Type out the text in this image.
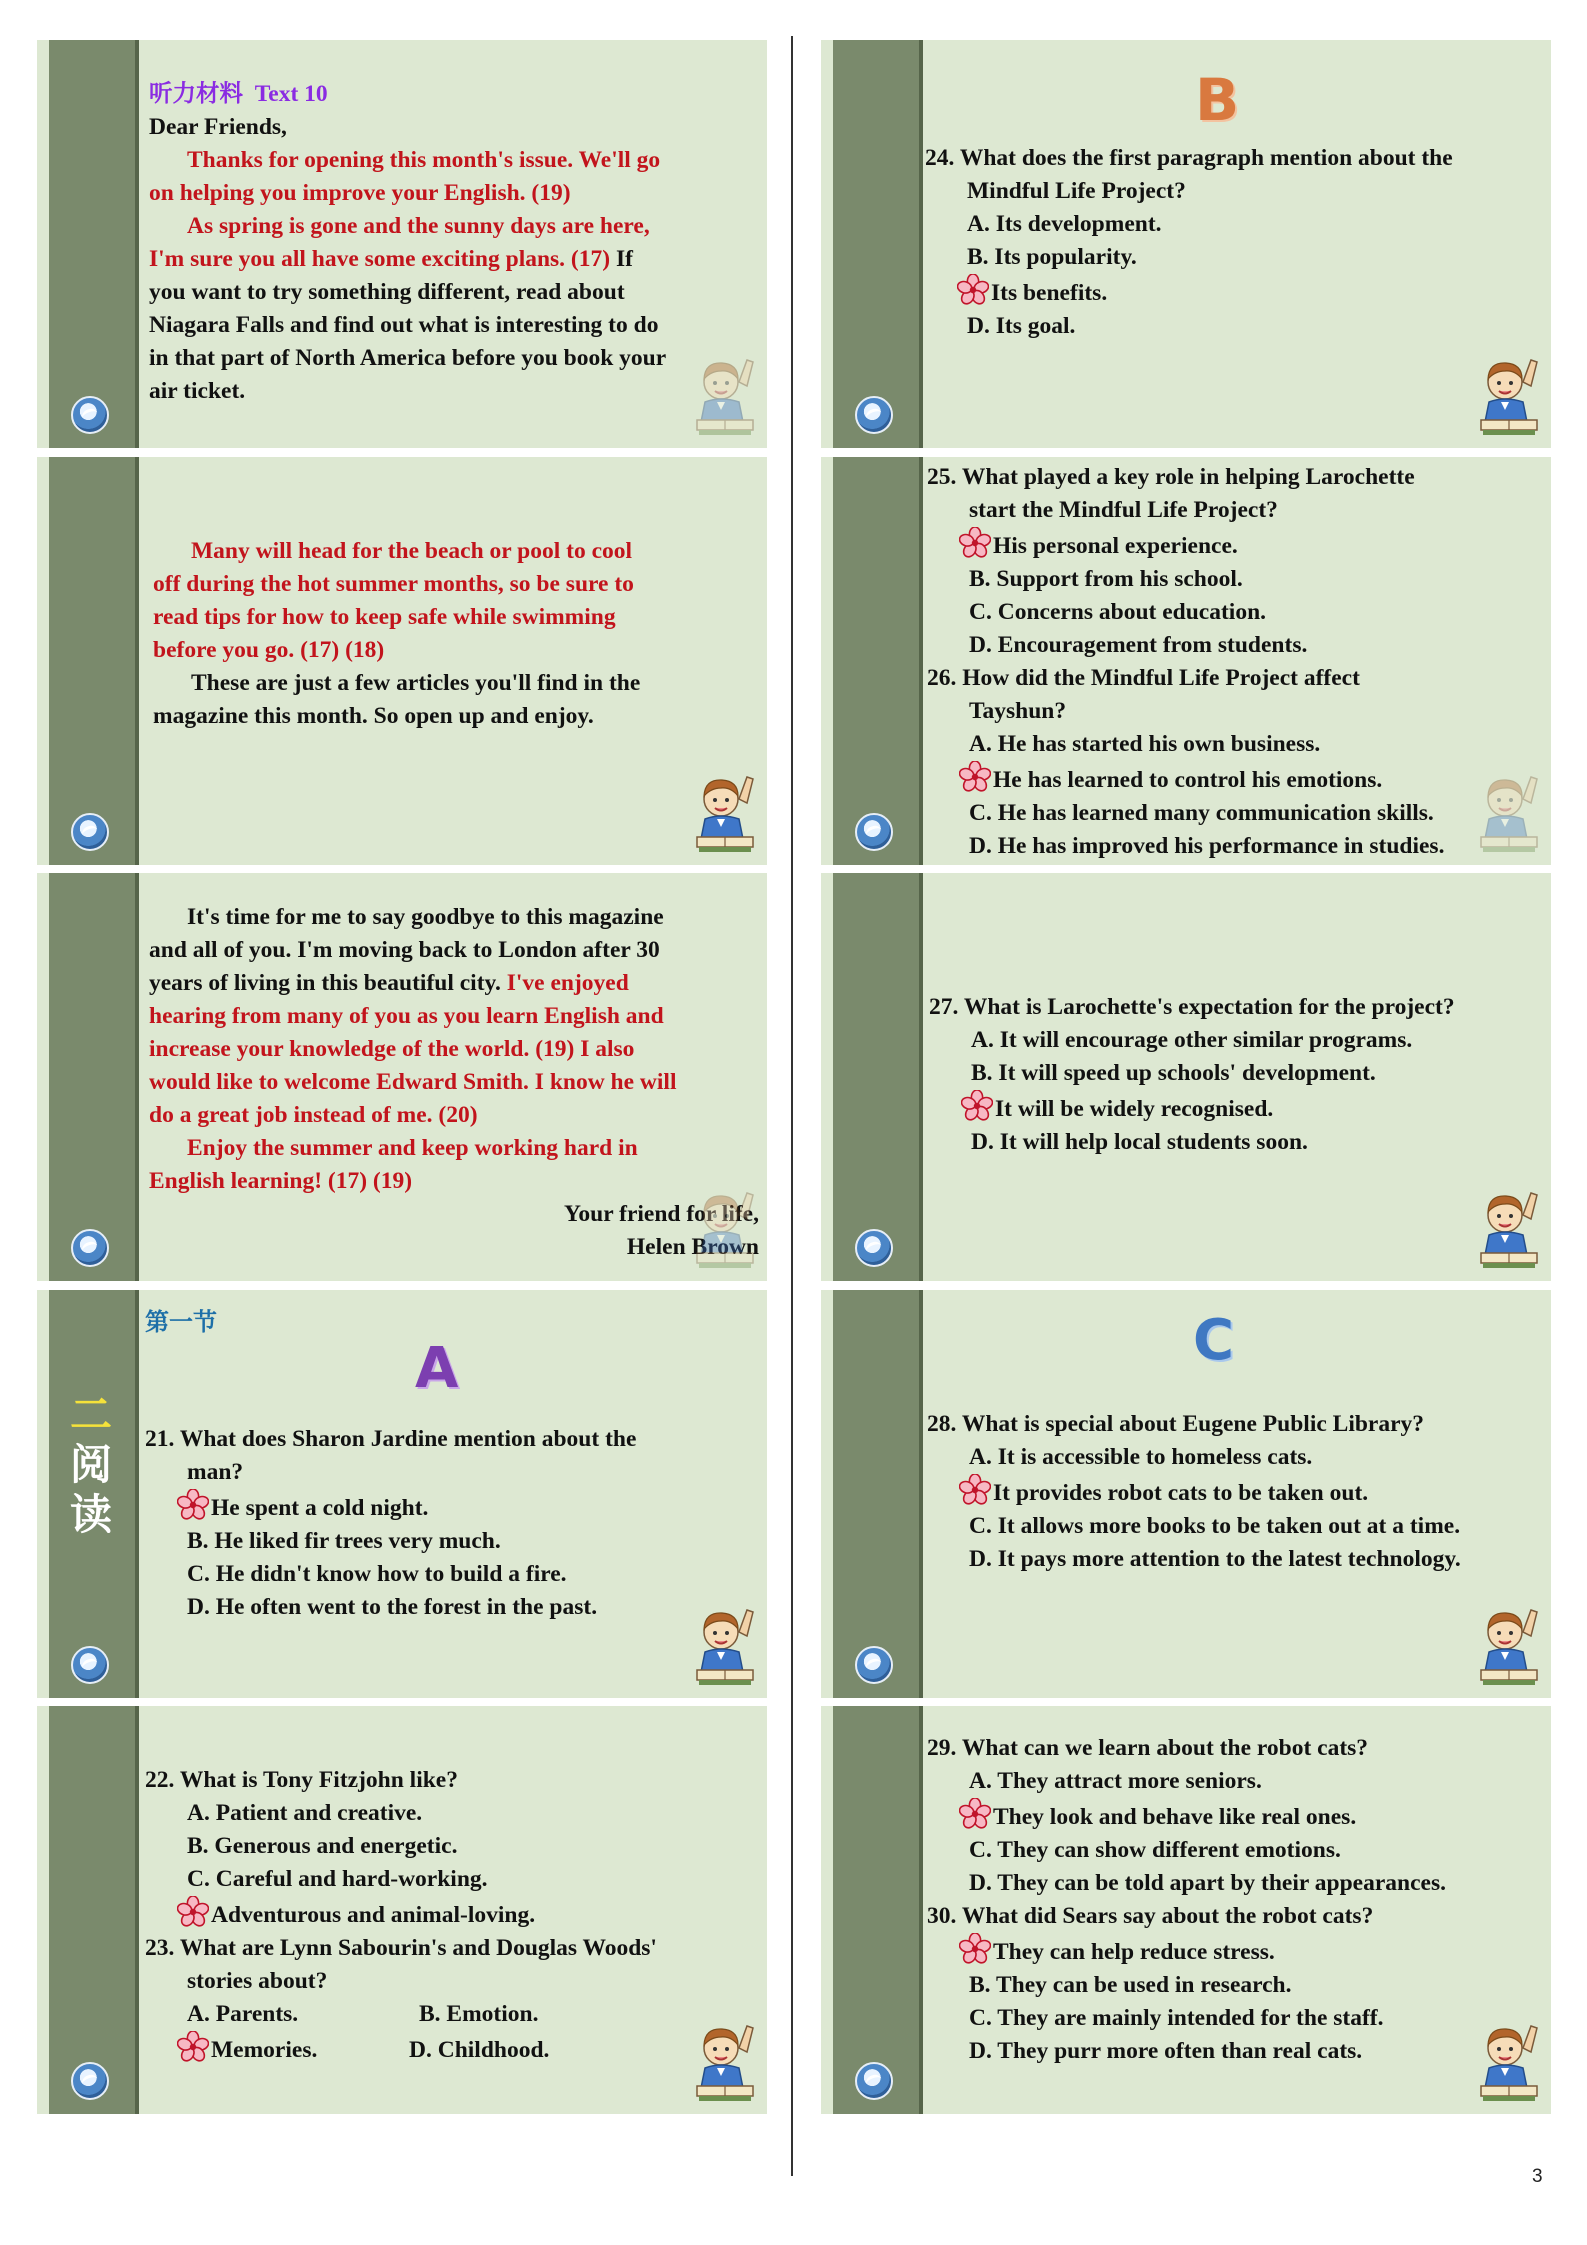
听力材料 Text 10
Dear Friends,
Thanks for opening this month's issue. We'll go
on helping you improve your English. (19)
As spring is gone and the sunny days are here,
I'm sure you all have some exciting plans. (17) If
you want to try something different, read about
Niagara Falls and find out what is interesting to do
in that part of North America before you book your
air ticket.
Many will head for the beach or pool to cool
off during the hot summer months, so be sure to
read tips for how to keep safe while swimming
before you go. (17) (18)
These are just a few articles you'll find in the
magazine this month. So open up and enjoy.
It's time for me to say goodbye to this magazine
and all of you. I'm moving back to London after 30
years of living in this beautiful city. I've enjoyed
hearing from many of you as you learn English and
increase your knowledge of the world. (19) I also
would like to welcome Edward Smith. I know he will
do a great job instead of me. (20)
Enjoy the summer and keep working hard in
English learning! (17) (19)
Your friend for life,
Helen Brown
二
阅
读
A
第一节
21. What does Sharon Jardine mention about the
man?
He spent a cold night.
B. He liked fir trees very much.
C. He didn't know how to build a fire.
D. He often went to the forest in the past.
22. What is Tony Fitzjohn like?
A. Patient and creative.
B. Generous and energetic.
C. Careful and hard-working.
Adventurous and animal-loving.
23. What are Lynn Sabourin's and Douglas Woods'
stories about?
A. Parents.	B. Emotion.
Memories.	D. Childhood.
B
24. What does the first paragraph mention about the
Mindful Life Project?
A. Its development.
B. Its popularity.
Its benefits.
D. Its goal.
25. What played a key role in helping Larochette
start the Mindful Life Project?
His personal experience.
B. Support from his school.
C. Concerns about education.
D. Encouragement from students.
26. How did the Mindful Life Project affect
Tayshun?
A. He has started his own business.
He has learned to control his emotions.
C. He has learned many communication skills.
D. He has improved his performance in studies.
27. What is Larochette's expectation for the project?
A. It will encourage other similar programs.
B. It will speed up schools' development.
It will be widely recognised.
D. It will help local students soon.
C
28. What is special about Eugene Public Library?
A. It is accessible to homeless cats.
It provides robot cats to be taken out.
C. It allows more books to be taken out at a time.
D. It pays more attention to the latest technology.
29. What can we learn about the robot cats?
A. They attract more seniors.
They look and behave like real ones.
C. They can show different emotions.
D. They can be told apart by their appearances.
30. What did Sears say about the robot cats?
They can help reduce stress.
B. They can be used in research.
C. They are mainly intended for the staff.
D. They purr more often than real cats.
3
